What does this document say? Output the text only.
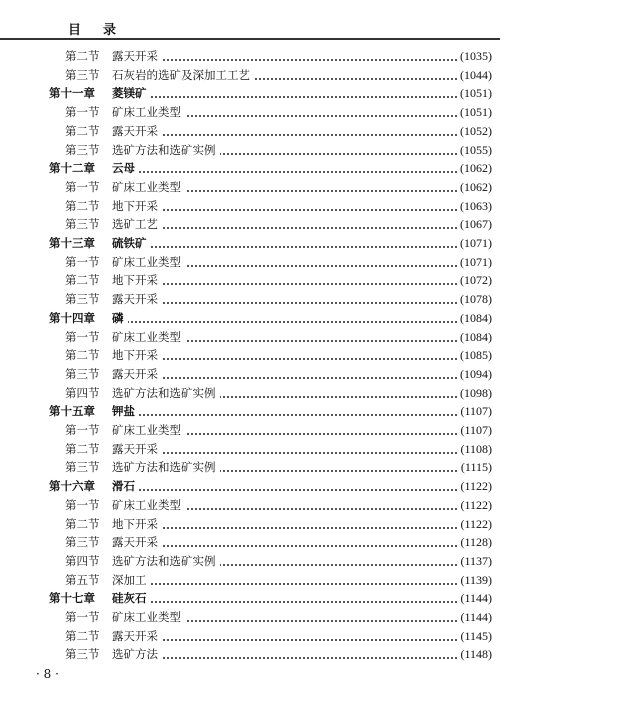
目录
第二节 露天开采	(1035)
第三节 石灰岩的选矿及深加工工艺	(1044)
第十一章 菱镁矿	(1051)
第一节 矿床工业类型	(1051)
第二节 露天开采	(1052)
第三节 选矿方法和选矿实例	(1055)
第十二章 云母	(1062)
第一节 矿床工业类型	(1062)
第二节 地下开采	(1063)
第三节 选矿工艺	(1067)
第十三章 硫铁矿	(1071)
第一节 矿床工业类型	(1071)
第二节 地下开采	(1072)
第三节 露天开采	(1078)
第十四章 磷	(1084)
第一节 矿床工业类型	(1084)
第二节 地下开采	(1085)
第三节 露天开采	(1094)
第四节 选矿方法和选矿实例	(1098)
第十五章 钾盐	(1107)
第一节 矿床工业类型	(1107)
第二节 露天开采	(1108)
第三节 选矿方法和选矿实例	(1115)
第十六章 滑石	(1122)
第一节 矿床工业类型	(1122)
第二节 地下开采	(1122)
第三节 露天开采	(1128)
第四节 选矿方法和选矿实例	(1137)
第五节 深加工	(1139)
第十七章 硅灰石	(1144)
第一节 矿床工业类型	(1144)
第二节 露天开采	(1145)
第三节 选矿方法	(1148)
· 8 ·
